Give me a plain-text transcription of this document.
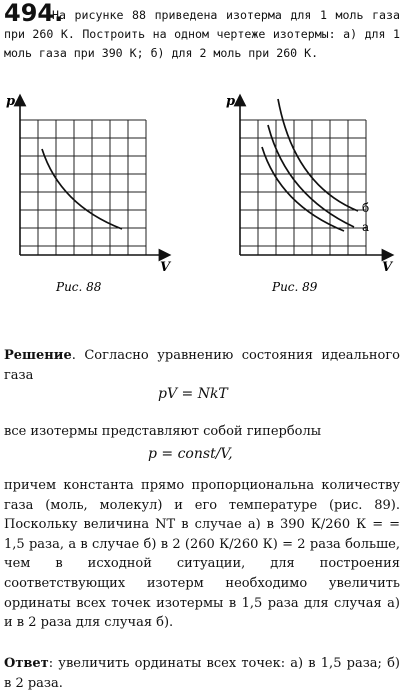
494.
На рисунке 88 приведена изотерма для 1 моль газа при 260 К. Построить на одном чертеже изотермы: а) для 1 моль газа при 390 К; б) для 2 моль при 260 К.
p
V
Рис. 88
p
V
б
а
Рис. 89
Решение. Согласно уравнению состояния идеального газа
pV = NkT
все изотермы представляют собой гиперболы
p = const/V,
причем константа прямо пропорциональна количеству газа (моль, молекул) и его температуре (рис. 89). Поскольку величина NT в случае а) в 390 К/260 К = = 1,5 раза, а в случае б) в 2 (260 К/260 К) = 2 раза больше, чем в исходной ситуации, для построения соответствующих изотерм необходимо увеличить ординаты всех точек изотермы в 1,5 раза для случая а) и в 2 раза для случая б).
Ответ: увеличить ординаты всех точек: а) в 1,5 раза; б) в 2 раза.
